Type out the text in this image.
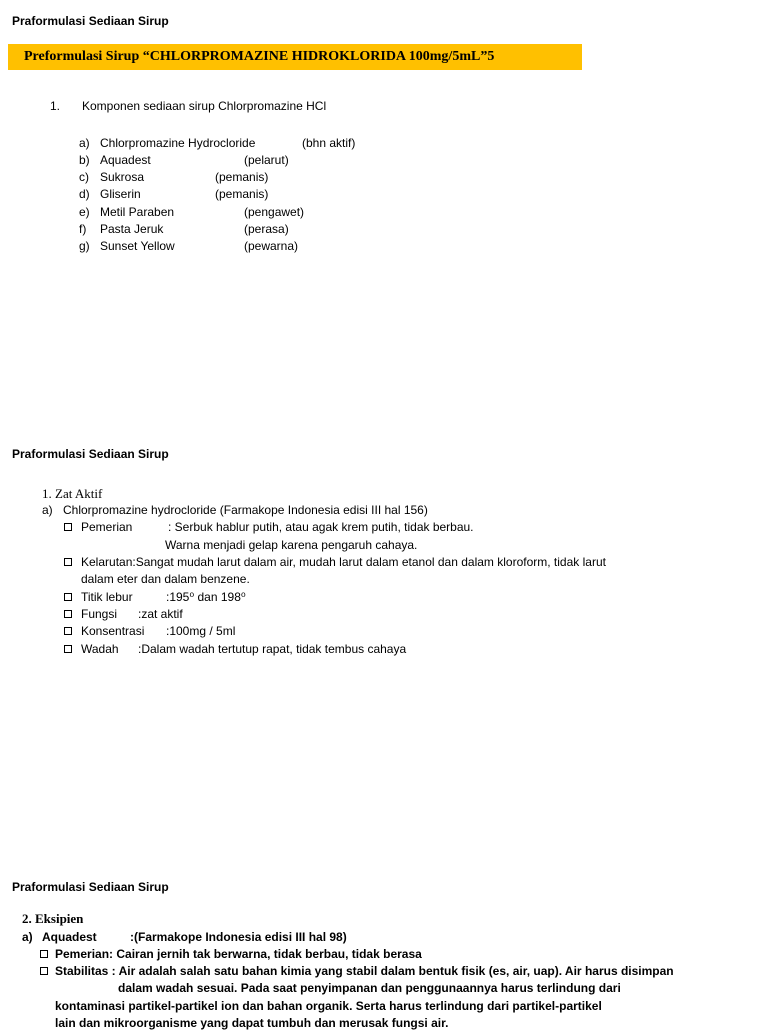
Praformulasi Sediaan Sirup
Preformulasi Sirup “CHLORPROMAZINE HIDROKLORIDA 100mg/5mL”5
1. Komponen sediaan sirup Chlorpromazine HCl
a) Chlorpromazine Hydrocloride	(bhn aktif)
b) Aquadest	(pelarut)
c) Sukrosa	(pemanis)
d) Gliserin	(pemanis)
e) Metil Paraben	(pengawet)
f) Pasta Jeruk	(perasa)
g) Sunset Yellow	(pewarna)
Praformulasi Sediaan Sirup
1. Zat Aktif
a) Chlorpromazine hydrocloride (Farmakope Indonesia edisi III hal 156)
Pemerian	: Serbuk hablur putih, atau agak krem putih, tidak berbau.
Warna menjadi gelap karena pengaruh cahaya.
Kelarutan:Sangat mudah larut dalam air, mudah larut dalam etanol dan dalam kloroform, tidak larut
dalam eter dan dalam benzene.
Titik lebur	:195⁰ dan 198⁰
Fungsi :zat aktif
Konsentrasi :100mg / 5ml
Wadah :Dalam wadah tertutup rapat, tidak tembus cahaya
Praformulasi Sediaan Sirup
2. Eksipien
a) Aquadest	:(Farmakope Indonesia edisi III hal 98)
Pemerian: Cairan jernih tak berwarna, tidak berbau, tidak berasa
Stabilitas : Air adalah salah satu bahan kimia yang stabil dalam bentuk fisik (es, air, uap). Air harus disimpan
dalam wadah sesuai. Pada saat penyimpanan dan penggunaannya harus terlindung dari
kontaminasi partikel-partikel ion dan bahan organik. Serta harus terlindung dari partikel-partikel
lain dan mikroorganisme yang dapat tumbuh dan merusak fungsi air.
